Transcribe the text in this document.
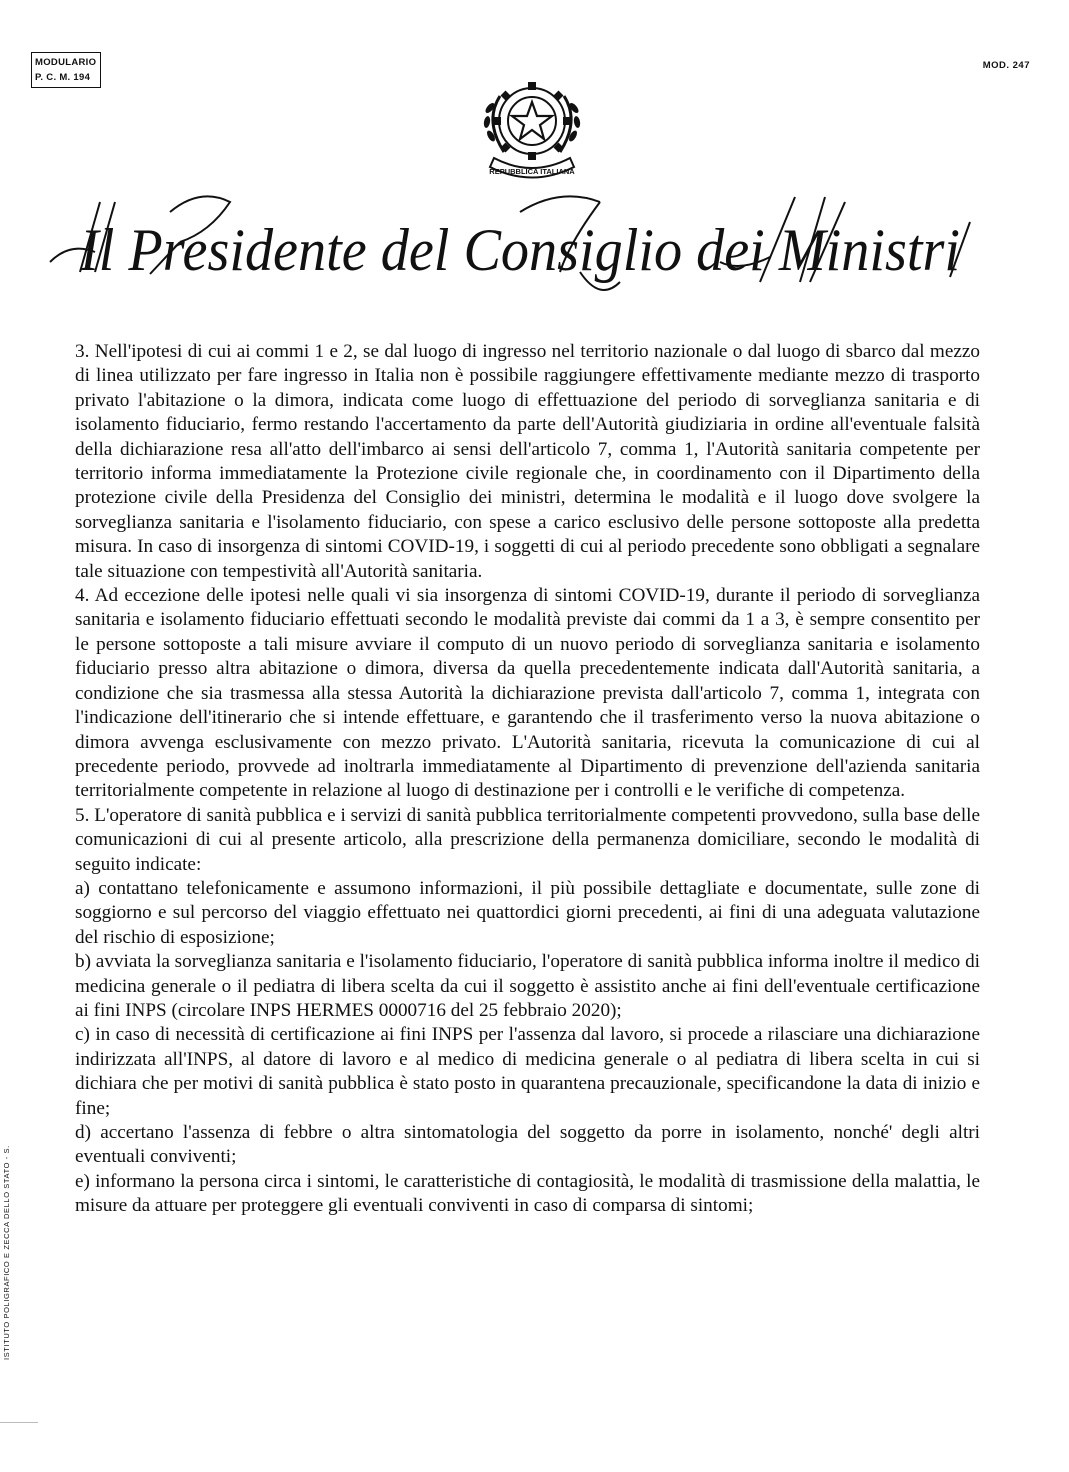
MODULARIO
P. C. M. 194
MOD. 247
REPUBBLICA ITALIANA
Il Presidente del Consiglio dei Ministri

3. Nell'ipotesi di cui ai commi 1 e 2, se dal luogo di ingresso nel territorio nazionale o dal luogo di sbarco dal mezzo di linea utilizzato per fare ingresso in Italia non è possibile raggiungere effettivamente mediante mezzo di trasporto privato l'abitazione o la dimora, indicata come luogo di effettuazione del periodo di sorveglianza sanitaria e di isolamento fiduciario, fermo restando l'accertamento da parte dell'Autorità giudiziaria in ordine all'eventuale falsità della dichiarazione resa all'atto dell'imbarco ai sensi dell'articolo 7, comma 1, l'Autorità sanitaria competente per territorio informa immediatamente la Protezione civile regionale che, in coordinamento con il Dipartimento della protezione civile della Presidenza del Consiglio dei ministri, determina le modalità e il luogo dove svolgere la sorveglianza sanitaria e l'isolamento fiduciario, con spese a carico esclusivo delle persone sottoposte alla predetta misura. In caso di insorgenza di sintomi COVID-19, i soggetti di cui al periodo precedente sono obbligati a segnalare tale situazione con tempestività all'Autorità sanitaria.

4. Ad eccezione delle ipotesi nelle quali vi sia insorgenza di sintomi COVID-19, durante il periodo di sorveglianza sanitaria e isolamento fiduciario effettuati secondo le modalità previste dai commi da 1 a 3, è sempre consentito per le persone sottoposte a tali misure avviare il computo di un nuovo periodo di sorveglianza sanitaria e isolamento fiduciario presso altra abitazione o dimora, diversa da quella precedentemente indicata dall'Autorità sanitaria, a condizione che sia trasmessa alla stessa Autorità la dichiarazione prevista dall'articolo 7, comma 1, integrata con l'indicazione dell'itinerario che si intende effettuare, e garantendo che il trasferimento verso la nuova abitazione o dimora avvenga esclusivamente con mezzo privato. L'Autorità sanitaria, ricevuta la comunicazione di cui al precedente periodo, provvede ad inoltrarla immediatamente al Dipartimento di prevenzione dell'azienda sanitaria territorialmente competente in relazione al luogo di destinazione per i controlli e le verifiche di competenza.

5. L'operatore di sanità pubblica e i servizi di sanità pubblica territorialmente competenti provvedono, sulla base delle comunicazioni di cui al presente articolo, alla prescrizione della permanenza domiciliare, secondo le modalità di seguito indicate:

a) contattano telefonicamente e assumono informazioni, il più possibile dettagliate e documentate, sulle zone di soggiorno e sul percorso del viaggio effettuato nei quattordici giorni precedenti, ai fini di una adeguata valutazione del rischio di esposizione;

b) avviata la sorveglianza sanitaria e l'isolamento fiduciario, l'operatore di sanità pubblica informa inoltre il medico di medicina generale o il pediatra di libera scelta da cui il soggetto è assistito anche ai fini dell'eventuale certificazione ai fini INPS (circolare INPS HERMES 0000716 del 25 febbraio 2020);

c) in caso di necessità di certificazione ai fini INPS per l'assenza dal lavoro, si procede a rilasciare una dichiarazione indirizzata all'INPS, al datore di lavoro e al medico di medicina generale o al pediatra di libera scelta in cui si dichiara che per motivi di sanità pubblica è stato posto in quarantena precauzionale, specificandone la data di inizio e fine;

d) accertano l'assenza di febbre o altra sintomatologia del soggetto da porre in isolamento, nonché' degli altri eventuali conviventi;

e) informano la persona circa i sintomi, le caratteristiche di contagiosità, le modalità di trasmissione della malattia, le misure da attuare per proteggere gli eventuali conviventi in caso di comparsa di sintomi;

ISTITUTO POLIGRAFICO E ZECCA DELLO STATO - S.
